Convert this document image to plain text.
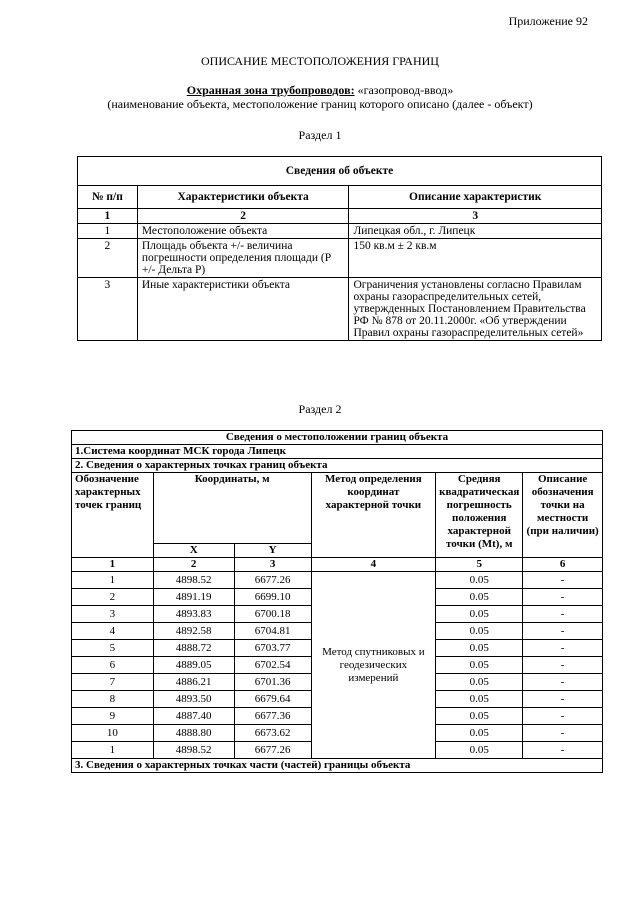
Приложение 92
ОПИСАНИЕ МЕСТОПОЛОЖЕНИЯ ГРАНИЦ
Охранная зона трубопроводов: «газопровод-ввод»
(наименование объекта, местоположение границ которого описано (далее - объект)
Раздел 1
Сведения об объекте		
№ п/п	Характеристики объекта	Описание характеристик
1	2	3
1	Местоположение объекта	Липецкая обл., г. Липецк
2	Площадь объекта +/- величина погрешности определения площади (Р +/- Дельта Р)	150 кв.м ± 2 кв.м
3	Иные характеристики объекта	Ограничения установлены согласно Правилам охраны газораспределительных сетей, утвержденных Постановлением Правительства РФ № 878 от 20.11.2000г. «Об утверждении Правил охраны газораспределительных сетей»
Раздел 2
Сведения о местоположении границ объекта					
1.Система координат МСК города Липецк					
2. Сведения о характерных точках границ объекта					
Обозначение характерных точек границ	Координаты, м		Метод определения координат характерной точки	Средняя квадратическая погрешность положения характерной точки (Mt), м	Описание обозначения точки на местности (при наличии)
	X	Y			
1	2	3	4	5	6
1	4898.52	6677.26	Метод спутниковых и геодезических измерений	0.05	-
2	4891.19	6699.10		0.05	-
3	4893.83	6700.18		0.05	-
4	4892.58	6704.81		0.05	-
5	4888.72	6703.77		0.05	-
6	4889.05	6702.54		0.05	-
7	4886.21	6701.36		0.05	-
8	4893.50	6679.64		0.05	-
9	4887.40	6677.36		0.05	-
10	4888.80	6673.62		0.05	-
1	4898.52	6677.26		0.05	-
3. Сведения о характерных точках части (частей) границы объекта					
